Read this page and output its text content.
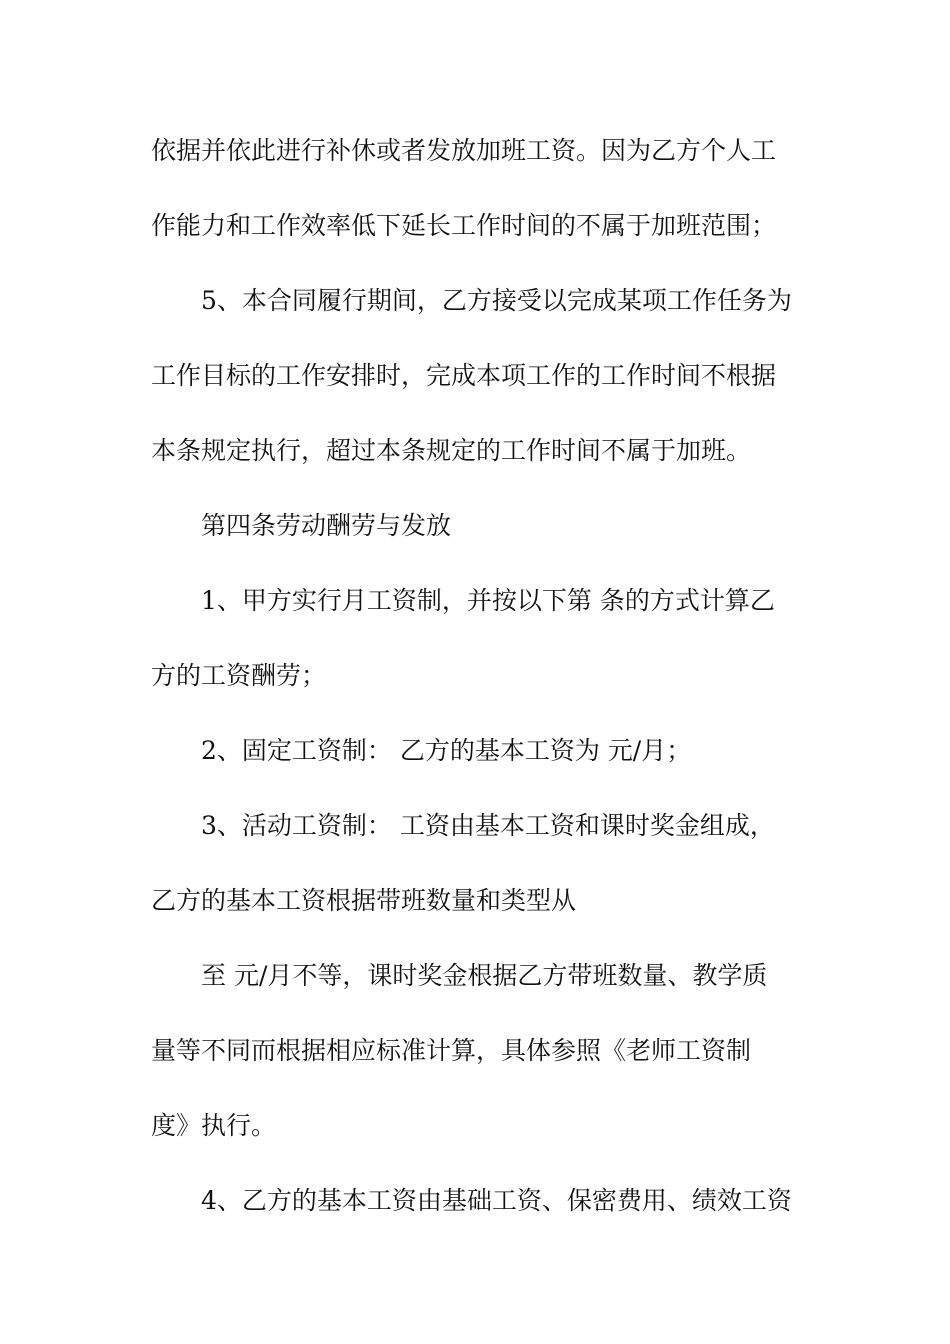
依据并依此进行补休或者发放加班工资。因为乙方个人工
作能力和工作效率低下延长工作时间的不属于加班范围；
5、本合同履行期间，乙方接受以完成某项工作任务为
工作目标的工作安排时，完成本项工作的工作时间不根据
本条规定执行，超过本条规定的工作时间不属于加班。
第四条劳动酬劳与发放
1、甲方实行月工资制，并按以下第 条的方式计算乙
方的工资酬劳；
2、固定工资制： 乙方的基本工资为 元/月；
3、活动工资制： 工资由基本工资和课时奖金组成，
乙方的基本工资根据带班数量和类型从
至 元/月不等，课时奖金根据乙方带班数量、教学质
量等不同而根据相应标准计算，具体参照《老师工资制
度》执行。
4、乙方的基本工资由基础工资、保密费用、绩效工资
